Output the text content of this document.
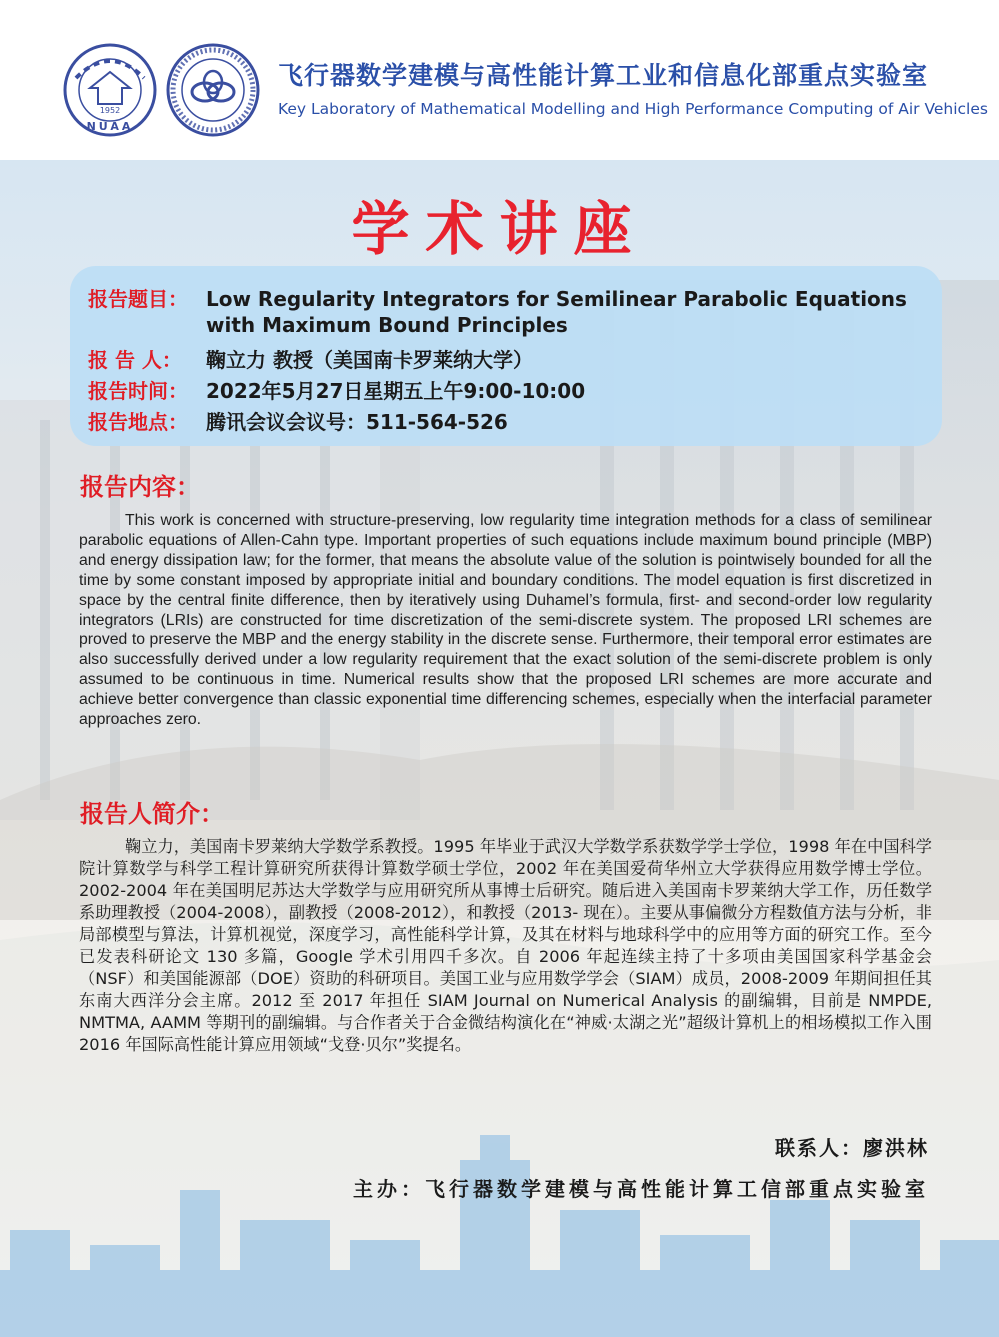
1952
NUAA
飞行器数学建模与高性能计算工业和信息化部重点实验室
Key Laboratory of Mathematical Modelling and High Performance Computing of Air Vehicles
学术讲座
报告题目： Low Regularity Integrators for Semilinear Parabolic Equations
with Maximum Bound Principles
报 告 人： 鞠立力 教授（美国南卡罗莱纳大学）
报告时间： 2022年5月27日星期五上午9:00-10:00
报告地点： 腾讯会议会议号：511-564-526
报告内容：
This work is concerned with structure-preserving, low regularity time integration methods for a class of semilinear parabolic equations of Allen-Cahn type. Important properties of such equations include maximum bound principle (MBP) and energy dissipation law; for the former, that means the absolute value of the solution is pointwisely bounded for all the time by some constant imposed by appropriate initial and boundary conditions. The model equation is first discretized in space by the central finite difference, then by iteratively using Duhamel’s formula, first- and second-order low regularity integrators (LRIs) are constructed for time discretization of the semi-discrete system. The proposed LRI schemes are proved to preserve the MBP and the energy stability in the discrete sense. Furthermore, their temporal error estimates are also successfully derived under a low regularity requirement that the exact solution of the semi-discrete problem is only assumed to be continuous in time. Numerical results show that the proposed LRI schemes are more accurate and achieve better convergence than classic exponential time differencing schemes, especially when the interfacial parameter approaches zero.
报告人简介：
鞠立力，美国南卡罗莱纳大学数学系教授。1995 年毕业于武汉大学数学系获数学学士学位，1998 年在中国科学院计算数学与科学工程计算研究所获得计算数学硕士学位，2002 年在美国爱荷华州立大学获得应用数学博士学位。2002-2004 年在美国明尼苏达大学数学与应用研究所从事博士后研究。随后进入美国南卡罗莱纳大学工作，历任数学系助理教授（2004-2008），副教授（2008-2012），和教授（2013- 现在）。主要从事偏微分方程数值方法与分析，非局部模型与算法，计算机视觉，深度学习，高性能科学计算，及其在材料与地球科学中的应用等方面的研究工作。至今已发表科研论文 130 多篇，Google 学术引用四千多次。自 2006 年起连续主持了十多项由美国国家科学基金会（NSF）和美国能源部（DOE）资助的科研项目。美国工业与应用数学学会（SIAM）成员，2008-2009 年期间担任其东南大西洋分会主席。2012 至 2017 年担任 SIAM Journal on Numerical Analysis 的副编辑，目前是 NMPDE, NMTMA, AAMM 等期刊的副编辑。与合作者关于合金微结构演化在“神威·太湖之光”超级计算机上的相场模拟工作入围 2016 年国际高性能计算应用领域“戈登·贝尔”奖提名。
联系人：廖洪林
主办：飞行器数学建模与高性能计算工信部重点实验室
